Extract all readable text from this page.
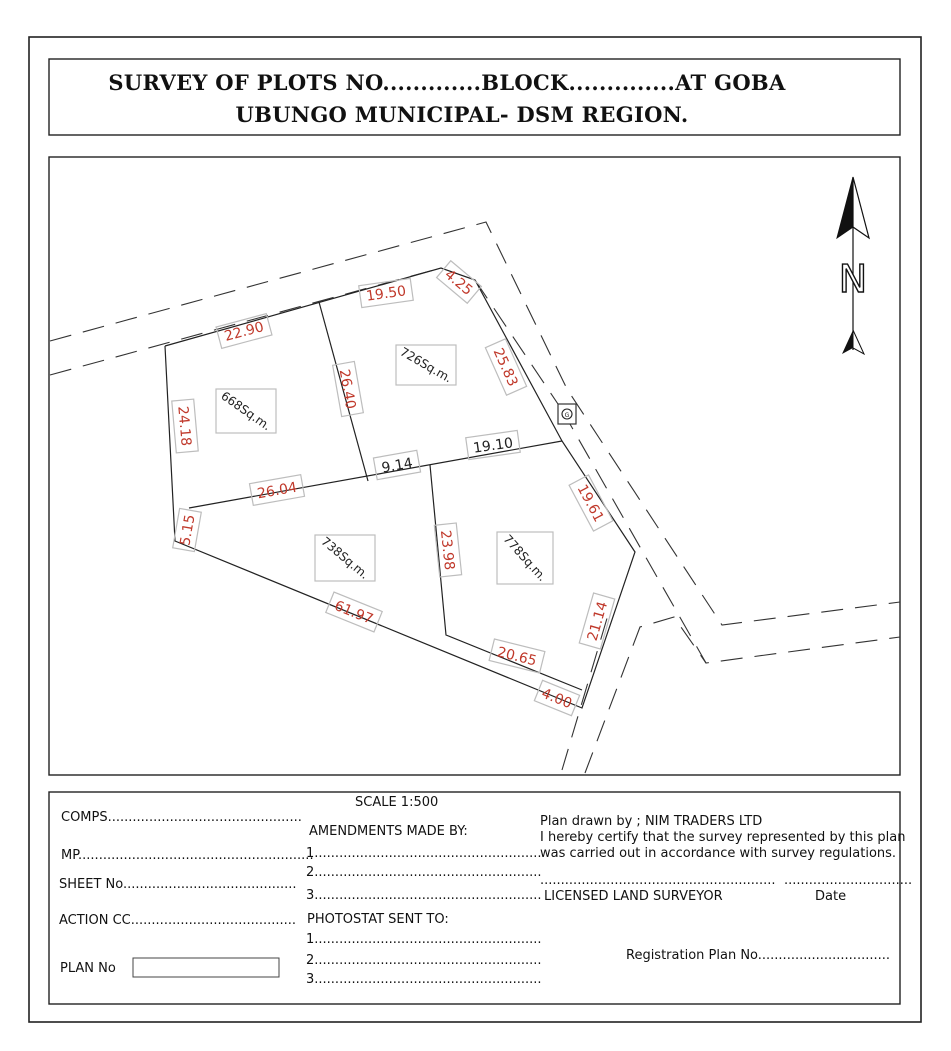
SURVEY OF PLOTS NO.............BLOCK..............AT GOBA
UBUNGO MUNICIPAL- DSM REGION.
22.90
19.50 4.25
25.83
26.40
24.18
9.14
19.10
26.04
5.15
19.61
23.98
61.97	21.14
20.65
4.00
726Sq.m.
668Sq.m.
738Sq.m.	778Sq.m.
G
N
COMPS...............................................
MP.........................................................
SHEET No..........................................
ACTION CC........................................
PLAN No
SCALE 1:500
AMENDMENTS MADE BY:
1.......................................................
2.......................................................
3.......................................................
PHOTOSTAT SENT TO:
1.......................................................
2.......................................................
3.......................................................
Plan drawn by ; NIM TRADERS LTD
I hereby certify that the survey represented by this plan
was carried out in accordance with survey regulations.
.........................................................
LICENSED LAND SURVEYOR
...............................
Date
Registration Plan No................................
